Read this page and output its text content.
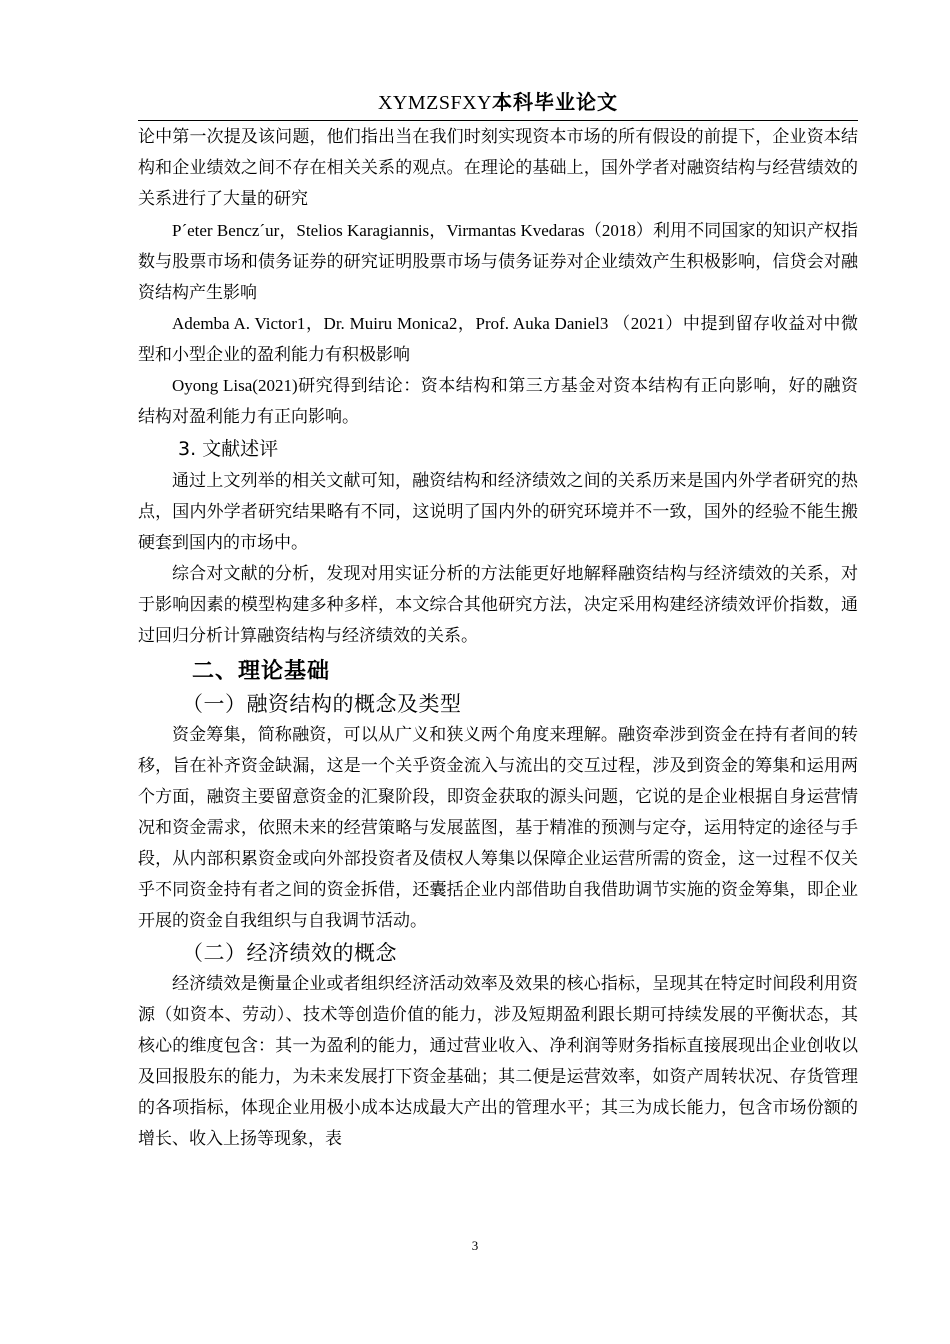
XYMZSFXY本科毕业论文

论中第一次提及该问题，他们指出当在我们时刻实现资本市场的所有假设的前提下，企业资本结构和企业绩效之间不存在相关关系的观点。在理论的基础上，国外学者对融资结构与经营绩效的关系进行了大量的研究

P´eter Bencz´ur，Stelios Karagiannis，Virmantas Kvedaras（2018）利用不同国家的知识产权指数与股票市场和债务证券的研究证明股票市场与债务证券对企业绩效产生积极影响，信贷会对融资结构产生影响

Ademba A. Victor1，Dr. Muiru Monica2，Prof. Auka Daniel3 （2021）中提到留存收益对中微型和小型企业的盈利能力有积极影响

Oyong Lisa(2021)研究得到结论：资本结构和第三方基金对资本结构有正向影响，好的融资结构对盈利能力有正向影响。

3. 文献述评

通过上文列举的相关文献可知，融资结构和经济绩效之间的关系历来是国内外学者研究的热点，国内外学者研究结果略有不同，这说明了国内外的研究环境并不一致，国外的经验不能生搬硬套到国内的市场中。

综合对文献的分析，发现对用实证分析的方法能更好地解释融资结构与经济绩效的关系，对于影响因素的模型构建多种多样，本文综合其他研究方法，决定采用构建经济绩效评价指数，通过回归分析计算融资结构与经济绩效的关系。

二、理论基础

（一）融资结构的概念及类型

资金筹集，简称融资，可以从广义和狭义两个角度来理解。融资牵涉到资金在持有者间的转移，旨在补齐资金缺漏，这是一个关乎资金流入与流出的交互过程，涉及到资金的筹集和运用两个方面，融资主要留意资金的汇聚阶段，即资金获取的源头问题，它说的是企业根据自身运营情况和资金需求，依照未来的经营策略与发展蓝图，基于精准的预测与定夺，运用特定的途径与手段，从内部积累资金或向外部投资者及债权人筹集以保障企业运营所需的资金，这一过程不仅关乎不同资金持有者之间的资金拆借，还囊括企业内部借助自我借助调节实施的资金筹集，即企业开展的资金自我组织与自我调节活动。

（二）经济绩效的概念

经济绩效是衡量企业或者组织经济活动效率及效果的核心指标，呈现其在特定时间段利用资源（如资本、劳动）、技术等创造价值的能力，涉及短期盈利跟长期可持续发展的平衡状态，其核心的维度包含：其一为盈利的能力，通过营业收入、净利润等财务指标直接展现出企业创收以及回报股东的能力，为未来发展打下资金基础；其二便是运营效率，如资产周转状况、存货管理的各项指标，体现企业用极小成本达成最大产出的管理水平；其三为成长能力，包含市场份额的增长、收入上扬等现象，表

3
